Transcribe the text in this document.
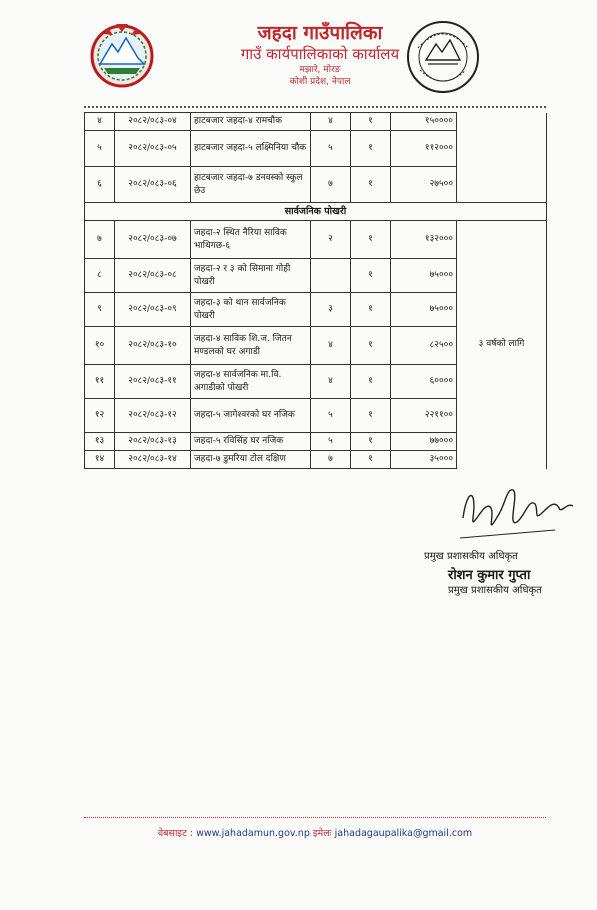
जहदा गाउँपालिका
गाउँ कार्यपालिकाको कार्यालय
मझारे, मोरङ
कोशी प्रदेश, नेपाल
४	२०८२/०८३-०४	हाटबजार जहदा-४ रामचौक	४	१	१५००००	
५	२०८२/०८३-०५	हाटबजार जहदा-५ लक्ष्मिनिया चौक	५	१	११२०००	
६	२०८२/०८३-०६	हाटबजार जहदा-७ डनवस्को स्कुल छेउ	७	१	२७५००	
सार्वजनिक पोखरी						
७	२०८२/०८३-०७	जहदा-२ स्थित नैरिया साविक भाथिगछ-६	२	१	१३२०००	३ वर्षको लागि
८	२०८२/०८३-०८	जहदा-२ र ३ को सिमाना गोही पोखरी		१	७५०००	
९	२०८२/०८३-०९	जहदा-३ को थान सार्वजनिक पोखरी	३	१	७५०००	
१०	२०८२/०८३-१०	जहदा-४ साविक शि.ज. जितन मण्डलको घर अगाडी	४	१	८२५००	
११	२०८२/०८३-११	जहदा-४ सार्वजनिक मा.वि. अगाडीको पोखरी	४	१	६००००	
१२	२०८२/०८३-१२	जहदा-५ जागेश्वरको घर नजिक	५	१	२२११००	
१३	२०८२/०८३-१३	जहदा-५ रविसिंह घर नजिक	५	१	७७०००	
१४	२०८२/०८३-१४	जहदा-७ डुमरिया टोल दक्षिण	७	१	३५०००	
प्रमुख प्रशासकीय अधिकृत
रोशन कुमार गुप्ता
प्रमुख प्रशासकीय अधिकृत
वेबसाइट : www.jahadamun.gov.np इमेलः jahadagaupalika@gmail.com
